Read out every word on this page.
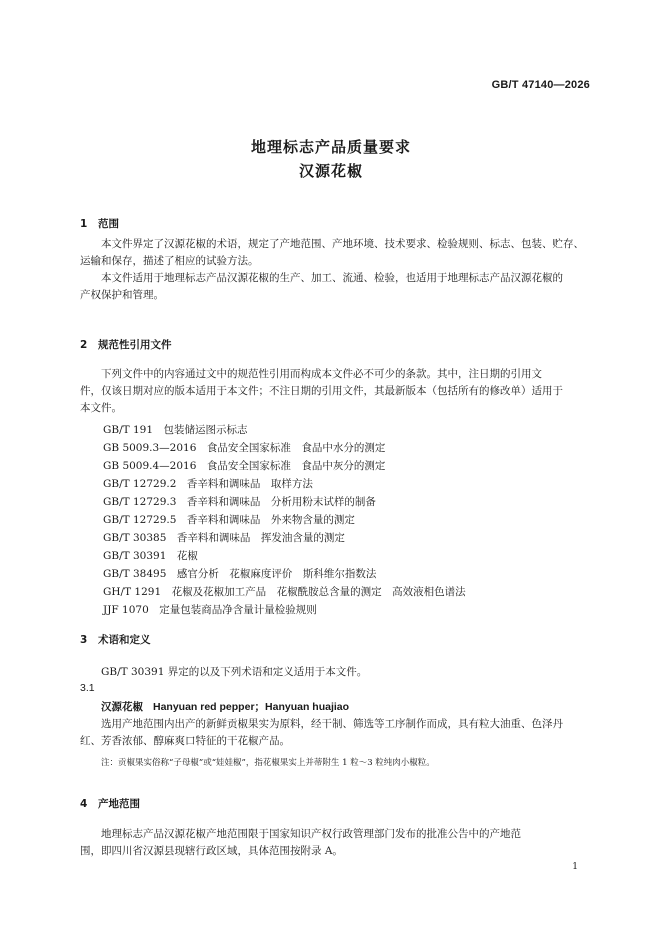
GB/T 47140—2026
地理标志产品质量要求
汉源花椒
1 范围
本文件界定了汉源花椒的术语，规定了产地范围、产地环境、技术要求、检验规则、标志、包装、贮存、
运输和保存，描述了相应的试验方法。
本文件适用于地理标志产品汉源花椒的生产、加工、流通、检验，也适用于地理标志产品汉源花椒的
产权保护和管理。
2 规范性引用文件
下列文件中的内容通过文中的规范性引用而构成本文件必不可少的条款。其中，注日期的引用文
件，仅该日期对应的版本适用于本文件；不注日期的引用文件，其最新版本（包括所有的修改单）适用于
本文件。
GB/T 191　包装储运图示标志
GB 5009.3—2016　食品安全国家标准　食品中水分的测定
GB 5009.4—2016　食品安全国家标准　食品中灰分的测定
GB/T 12729.2　香辛料和调味品　取样方法
GB/T 12729.3　香辛料和调味品　分析用粉末试样的制备
GB/T 12729.5　香辛料和调味品　外来物含量的测定
GB/T 30385　香辛料和调味品　挥发油含量的测定
GB/T 30391　花椒
GB/T 38495　感官分析　花椒麻度评价　斯科维尔指数法
GH/T 1291　花椒及花椒加工产品　花椒酰胺总含量的测定　高效液相色谱法
JJF 1070　定量包装商品净含量计量检验规则
3 术语和定义
GB/T 30391 界定的以及下列术语和定义适用于本文件。
3.1
汉源花椒 Hanyuan red pepper；Hanyuan huajiao
选用产地范围内出产的新鲜贡椒果实为原料，经干制、筛选等工序制作而成，具有粒大油重、色泽丹
红、芳香浓郁、醇麻爽口特征的干花椒产品。
注：贡椒果实俗称“子母椒”或“娃娃椒”，指花椒果实上并蒂附生 1 粒～3 粒纯肉小椒粒。
4 产地范围
地理标志产品汉源花椒产地范围限于国家知识产权行政管理部门发布的批准公告中的产地范
围，即四川省汉源县现辖行政区域，具体范围按附录 A。
1
